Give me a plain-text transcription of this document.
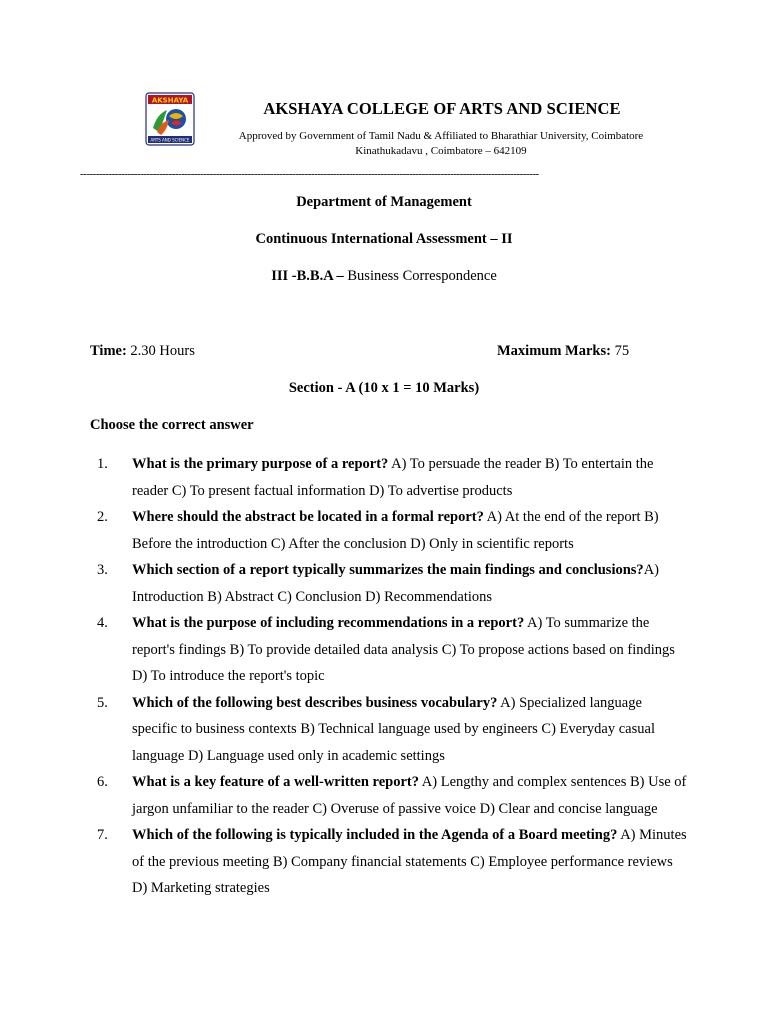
AKSHAYA
ARTS AND SCIENCE
AKSHAYA COLLEGE OF ARTS AND SCIENCE
Approved by Government of Tamil Nadu & Affiliated to Bharathiar University, Coimbatore
Kinathukadavu , Coimbatore – 642109
-------------------------------------------------------------------------------------------------------------------------------------------------
Department of Management
Continuous International Assessment – II
III -B.B.A – Business Correspondence
Time: 2.30 Hours	Maximum Marks: 75
Section - A (10 x 1 = 10 Marks)
Choose the correct answer
1.	What is the primary purpose of a report? A) To persuade the reader B) To entertain the reader C) To present factual information D) To advertise products
2.	Where should the abstract be located in a formal report? A) At the end of the report B) Before the introduction C) After the conclusion D) Only in scientific reports
3.	Which section of a report typically summarizes the main findings and conclusions?A) Introduction B) Abstract C) Conclusion D) Recommendations
4.	What is the purpose of including recommendations in a report? A) To summarize the report's findings B) To provide detailed data analysis C) To propose actions based on findings D) To introduce the report's topic
5.	Which of the following best describes business vocabulary? A) Specialized language specific to business contexts B) Technical language used by engineers C) Everyday casual language D) Language used only in academic settings
6.	What is a key feature of a well-written report? A) Lengthy and complex sentences B) Use of jargon unfamiliar to the reader C) Overuse of passive voice D) Clear and concise language
7.	Which of the following is typically included in the Agenda of a Board meeting? A) Minutes of the previous meeting B) Company financial statements C) Employee performance reviews D) Marketing strategies
